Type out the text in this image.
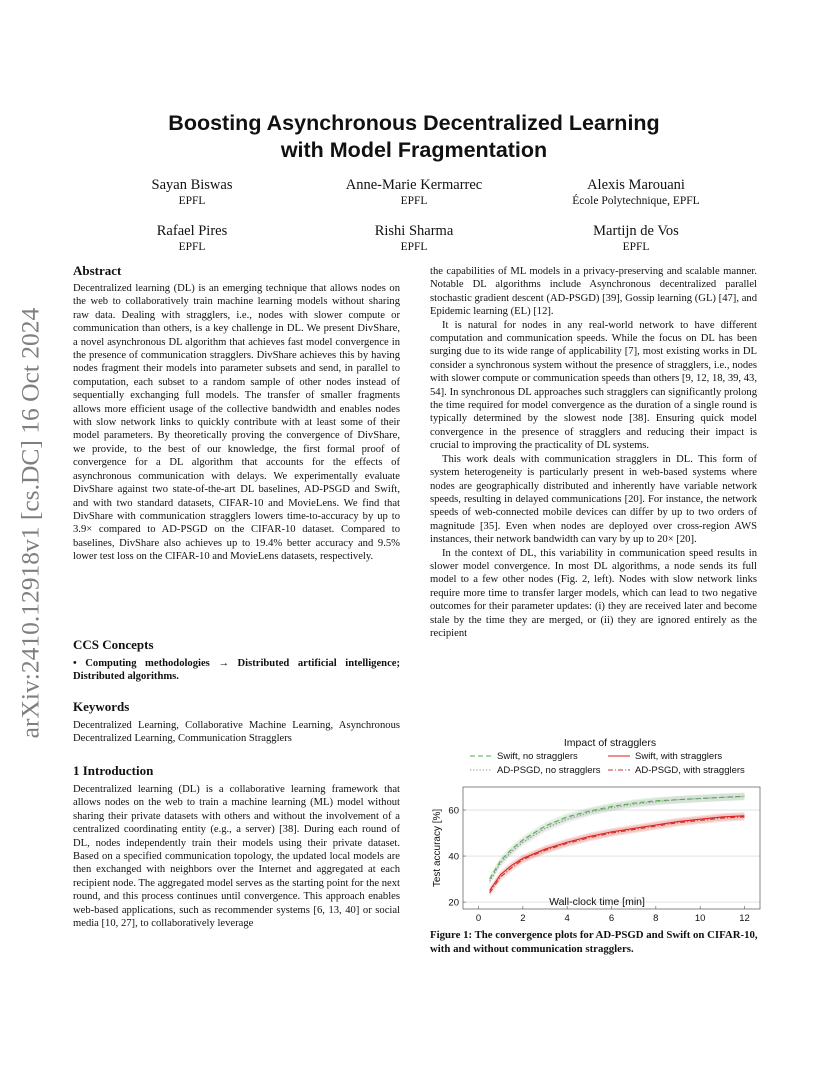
arXiv:2410.12918v1 [cs.DC] 16 Oct 2024
Boosting Asynchronous Decentralized Learning
with Model Fragmentation
Sayan Biswas
EPFL
Anne-Marie Kermarrec
EPFL
Alexis Marouani
École Polytechnique, EPFL
Rafael Pires
EPFL
Rishi Sharma
EPFL
Martijn de Vos
EPFL
Abstract

Decentralized learning (DL) is an emerging technique that allows nodes on the web to collaboratively train machine learning models without sharing raw data. Dealing with stragglers, i.e., nodes with slower compute or communication than others, is a key challenge in DL. We present DivShare, a novel asynchronous DL algorithm that achieves fast model convergence in the presence of communication stragglers. DivShare achieves this by having nodes fragment their models into parameter subsets and send, in parallel to computation, each subset to a random sample of other nodes instead of sequentially exchanging full models. The transfer of smaller fragments allows more efficient usage of the collective bandwidth and enables nodes with slow network links to quickly contribute with at least some of their model parameters. By theoretically proving the convergence of DivShare, we provide, to the best of our knowledge, the first formal proof of convergence for a DL algorithm that accounts for the effects of asynchronous communication with delays. We experimentally evaluate DivShare against two state-of-the-art DL baselines, AD-PSGD and Swift, and with two standard datasets, CIFAR-10 and MovieLens. We find that DivShare with communication stragglers lowers time-to-accuracy by up to 3.9× compared to AD-PSGD on the CIFAR-10 dataset. Compared to baselines, DivShare also achieves up to 19.4% better accuracy and 9.5% lower test loss on the CIFAR-10 and MovieLens datasets, respectively.

CCS Concepts

• Computing methodologies → Distributed artificial intelligence; Distributed algorithms.

Keywords

Decentralized Learning, Collaborative Machine Learning, Asynchronous Decentralized Learning, Communication Stragglers

1 Introduction

Decentralized learning (DL) is a collaborative learning framework that allows nodes on the web to train a machine learning (ML) model without sharing their private datasets with others and without the involvement of a centralized coordinating entity (e.g., a server) [38]. During each round of DL, nodes independently train their models using their private dataset. Based on a specified communication topology, the updated local models are then exchanged with neighbors over the Internet and aggregated at each recipient node. The aggregated model serves as the starting point for the next round, and this process continues until convergence. This approach enables web-based applications, such as recommender systems [6, 13, 40] or social media [10, 27], to collaboratively leverage

the capabilities of ML models in a privacy-preserving and scalable manner. Notable DL algorithms include Asynchronous decentralized parallel stochastic gradient descent (AD-PSGD) [39], Gossip learning (GL) [47], and Epidemic learning (EL) [12].

It is natural for nodes in any real-world network to have different computation and communication speeds. While the focus on DL has been surging due to its wide range of applicability [7], most existing works in DL consider a synchronous system without the presence of stragglers, i.e., nodes with slower compute or communication speeds than others [9, 12, 18, 39, 43, 54]. In synchronous DL approaches such stragglers can significantly prolong the time required for model convergence as the duration of a single round is typically determined by the slowest node [38]. Ensuring quick model convergence in the presence of stragglers and reducing their impact is crucial to improving the practicality of DL systems.

This work deals with communication stragglers in DL. This form of system heterogeneity is particularly present in web-based systems where nodes are geographically distributed and inherently have variable network speeds, resulting in delayed communications [20]. For instance, the network speeds of web-connected mobile devices can differ by up to two orders of magnitude [35]. Even when nodes are deployed over cross-region AWS instances, their network bandwidth can vary by up to 20× [20].

In the context of DL, this variability in communication speed results in slower model convergence. In most DL algorithms, a node sends its full model to a few other nodes (Fig. 2, left). Nodes with slow network links require more time to transfer larger models, which can lead to two negative outcomes for their parameter updates: (i) they are received later and become stale by the time they are merged, or (ii) they are ignored entirely as the recipient

Impact of stragglers
Swift, no stragglers	Swift, with stragglers
AD-PSGD, no stragglers	AD-PSGD, with stragglers
0	2	4	6	8	10	12
20
40
60
Test accuracy [%]
Wall-clock time [min]
Figure 1: The convergence plots for AD-PSGD and Swift on CIFAR-10, with and without communication stragglers.
